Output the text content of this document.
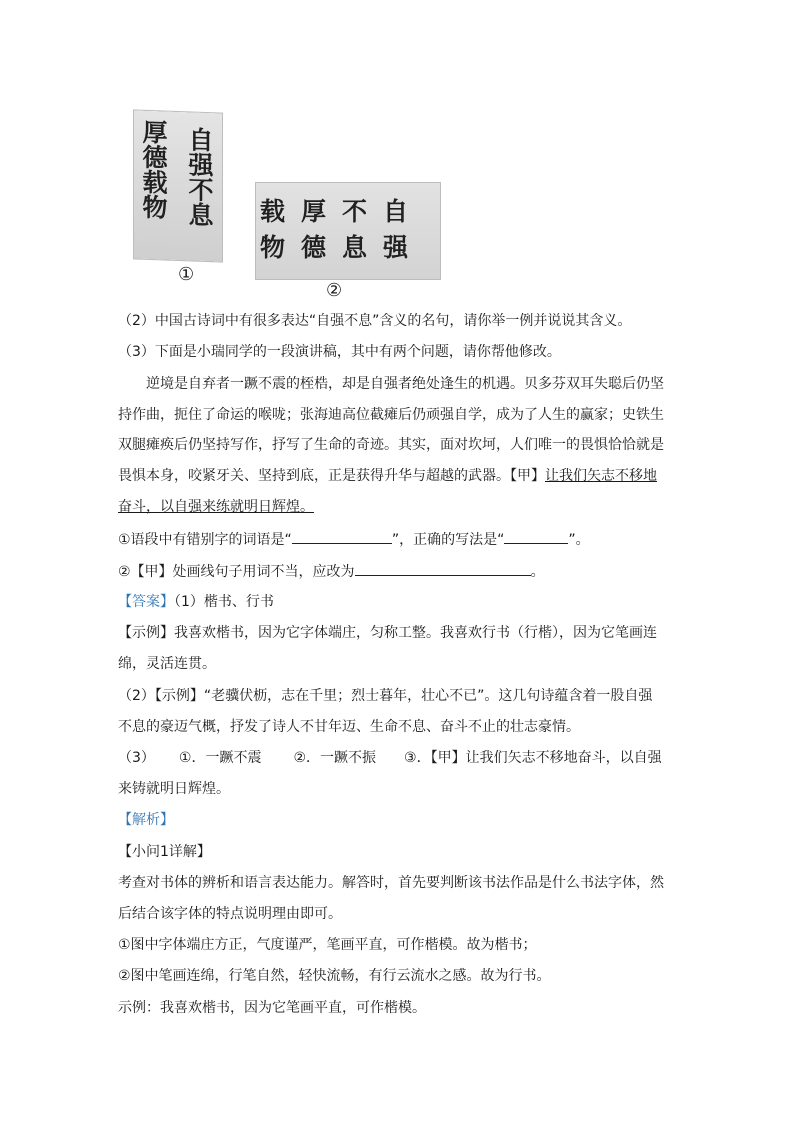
厚德载物 自强不息
①
载厚不自
物德息强
②
（2）中国古诗词中有很多表达“自强不息”含义的名句，请你举一例并说说其含义。
（3）下面是小瑞同学的一段演讲稿，其中有两个问题，请你帮他修改。
逆境是自弃者一蹶不震的桎梏，却是自强者绝处逢生的机遇。贝多芬双耳失聪后仍坚
持作曲，扼住了命运的喉咙；张海迪高位截瘫后仍顽强自学，成为了人生的赢家；史铁生
双腿瘫痪后仍坚持写作，抒写了生命的奇迹。其实，面对坎坷，人们唯一的畏惧恰恰就是
畏惧本身，咬紧牙关、坚持到底，正是获得升华与超越的武器。【甲】让我们矢志不移地
奋斗，以自强来练就明日辉煌。
①语段中有错别字的词语是“	”，正确的写法是“	”。
②【甲】处画线句子用词不当，应改为	。
【答案】（1）楷书、行书
【示例】我喜欢楷书，因为它字体端庄，匀称工整。我喜欢行书（行楷），因为它笔画连
绵，灵活连贯。
（2）【示例】“老骥伏枥，志在千里；烈士暮年，壮心不已”。这几句诗蕴含着一股自强
不息的豪迈气概，抒发了诗人不甘年迈、生命不息、奋斗不止的壮志豪情。
（3） ①．一蹶不震 ②．一蹶不振 ③．【甲】让我们矢志不移地奋斗，以自强
来铸就明日辉煌。
【解析】
【小问1详解】
考查对书体的辨析和语言表达能力。解答时，首先要判断该书法作品是什么书法字体，然
后结合该字体的特点说明理由即可。
①图中字体端庄方正，气度谨严，笔画平直，可作楷模。故为楷书；
②图中笔画连绵，行笔自然，轻快流畅，有行云流水之感。故为行书。
示例：我喜欢楷书，因为它笔画平直，可作楷模。
